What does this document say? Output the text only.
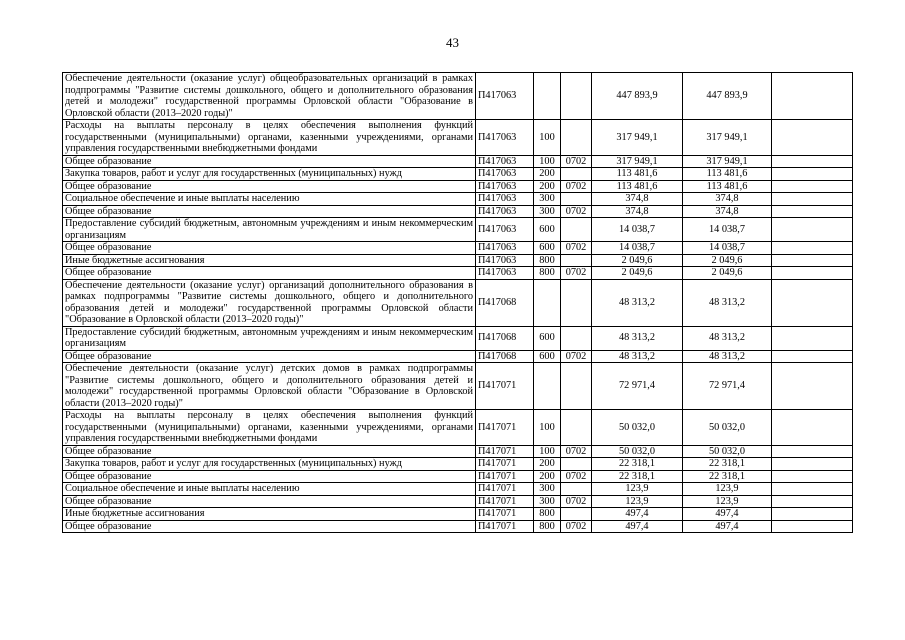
43
Обеспечение деятельности (оказание услуг) общеобразовательных организаций в рамках подпрограммы "Развитие системы дошкольного, общего и дополнительного образования детей и молодежи" государственной программы Орловской области "Образование в Орловской области (2013–2020 годы)"	П417063			447 893,9	447 893,9	
Расходы на выплаты персоналу в целях обеспечения выполнения функций государственными (муниципальными) органами, казенными учреждениями, органами управления государственными внебюджетными фондами	П417063	100		317 949,1	317 949,1	
Общее образование	П417063	100	0702	317 949,1	317 949,1	
Закупка товаров, работ и услуг для государственных (муниципальных) нужд	П417063	200		113 481,6	113 481,6	
Общее образование	П417063	200	0702	113 481,6	113 481,6	
Социальное обеспечение и иные выплаты населению	П417063	300		374,8	374,8	
Общее образование	П417063	300	0702	374,8	374,8	
Предоставление субсидий бюджетным, автономным учреждениям и иным некоммерческим организациям	П417063	600		14 038,7	14 038,7	
Общее образование	П417063	600	0702	14 038,7	14 038,7	
Иные бюджетные ассигнования	П417063	800		2 049,6	2 049,6	
Общее образование	П417063	800	0702	2 049,6	2 049,6	
Обеспечение деятельности (оказание услуг) организаций дополнительного образования в рамках подпрограммы "Развитие системы дошкольного, общего и дополнительного образования детей и молодежи" государственной программы Орловской области "Образование в Орловской области (2013–2020 годы)"	П417068			48 313,2	48 313,2	
Предоставление субсидий бюджетным, автономным учреждениям и иным некоммерческим организациям	П417068	600		48 313,2	48 313,2	
Общее образование	П417068	600	0702	48 313,2	48 313,2	
Обеспечение деятельности (оказание услуг) детских домов в рамках подпрограммы "Развитие системы дошкольного, общего и дополнительного образования детей и молодежи" государственной программы Орловской области "Образование в Орловской области (2013–2020 годы)"	П417071			72 971,4	72 971,4	
Расходы на выплаты персоналу в целях обеспечения выполнения функций государственными (муниципальными) органами, казенными учреждениями, органами управления государственными внебюджетными фондами	П417071	100		50 032,0	50 032,0	
Общее образование	П417071	100	0702	50 032,0	50 032,0	
Закупка товаров, работ и услуг для государственных (муниципальных) нужд	П417071	200		22 318,1	22 318,1	
Общее образование	П417071	200	0702	22 318,1	22 318,1	
Социальное обеспечение и иные выплаты населению	П417071	300		123,9	123,9	
Общее образование	П417071	300	0702	123,9	123,9	
Иные бюджетные ассигнования	П417071	800		497,4	497,4	
Общее образование	П417071	800	0702	497,4	497,4	
